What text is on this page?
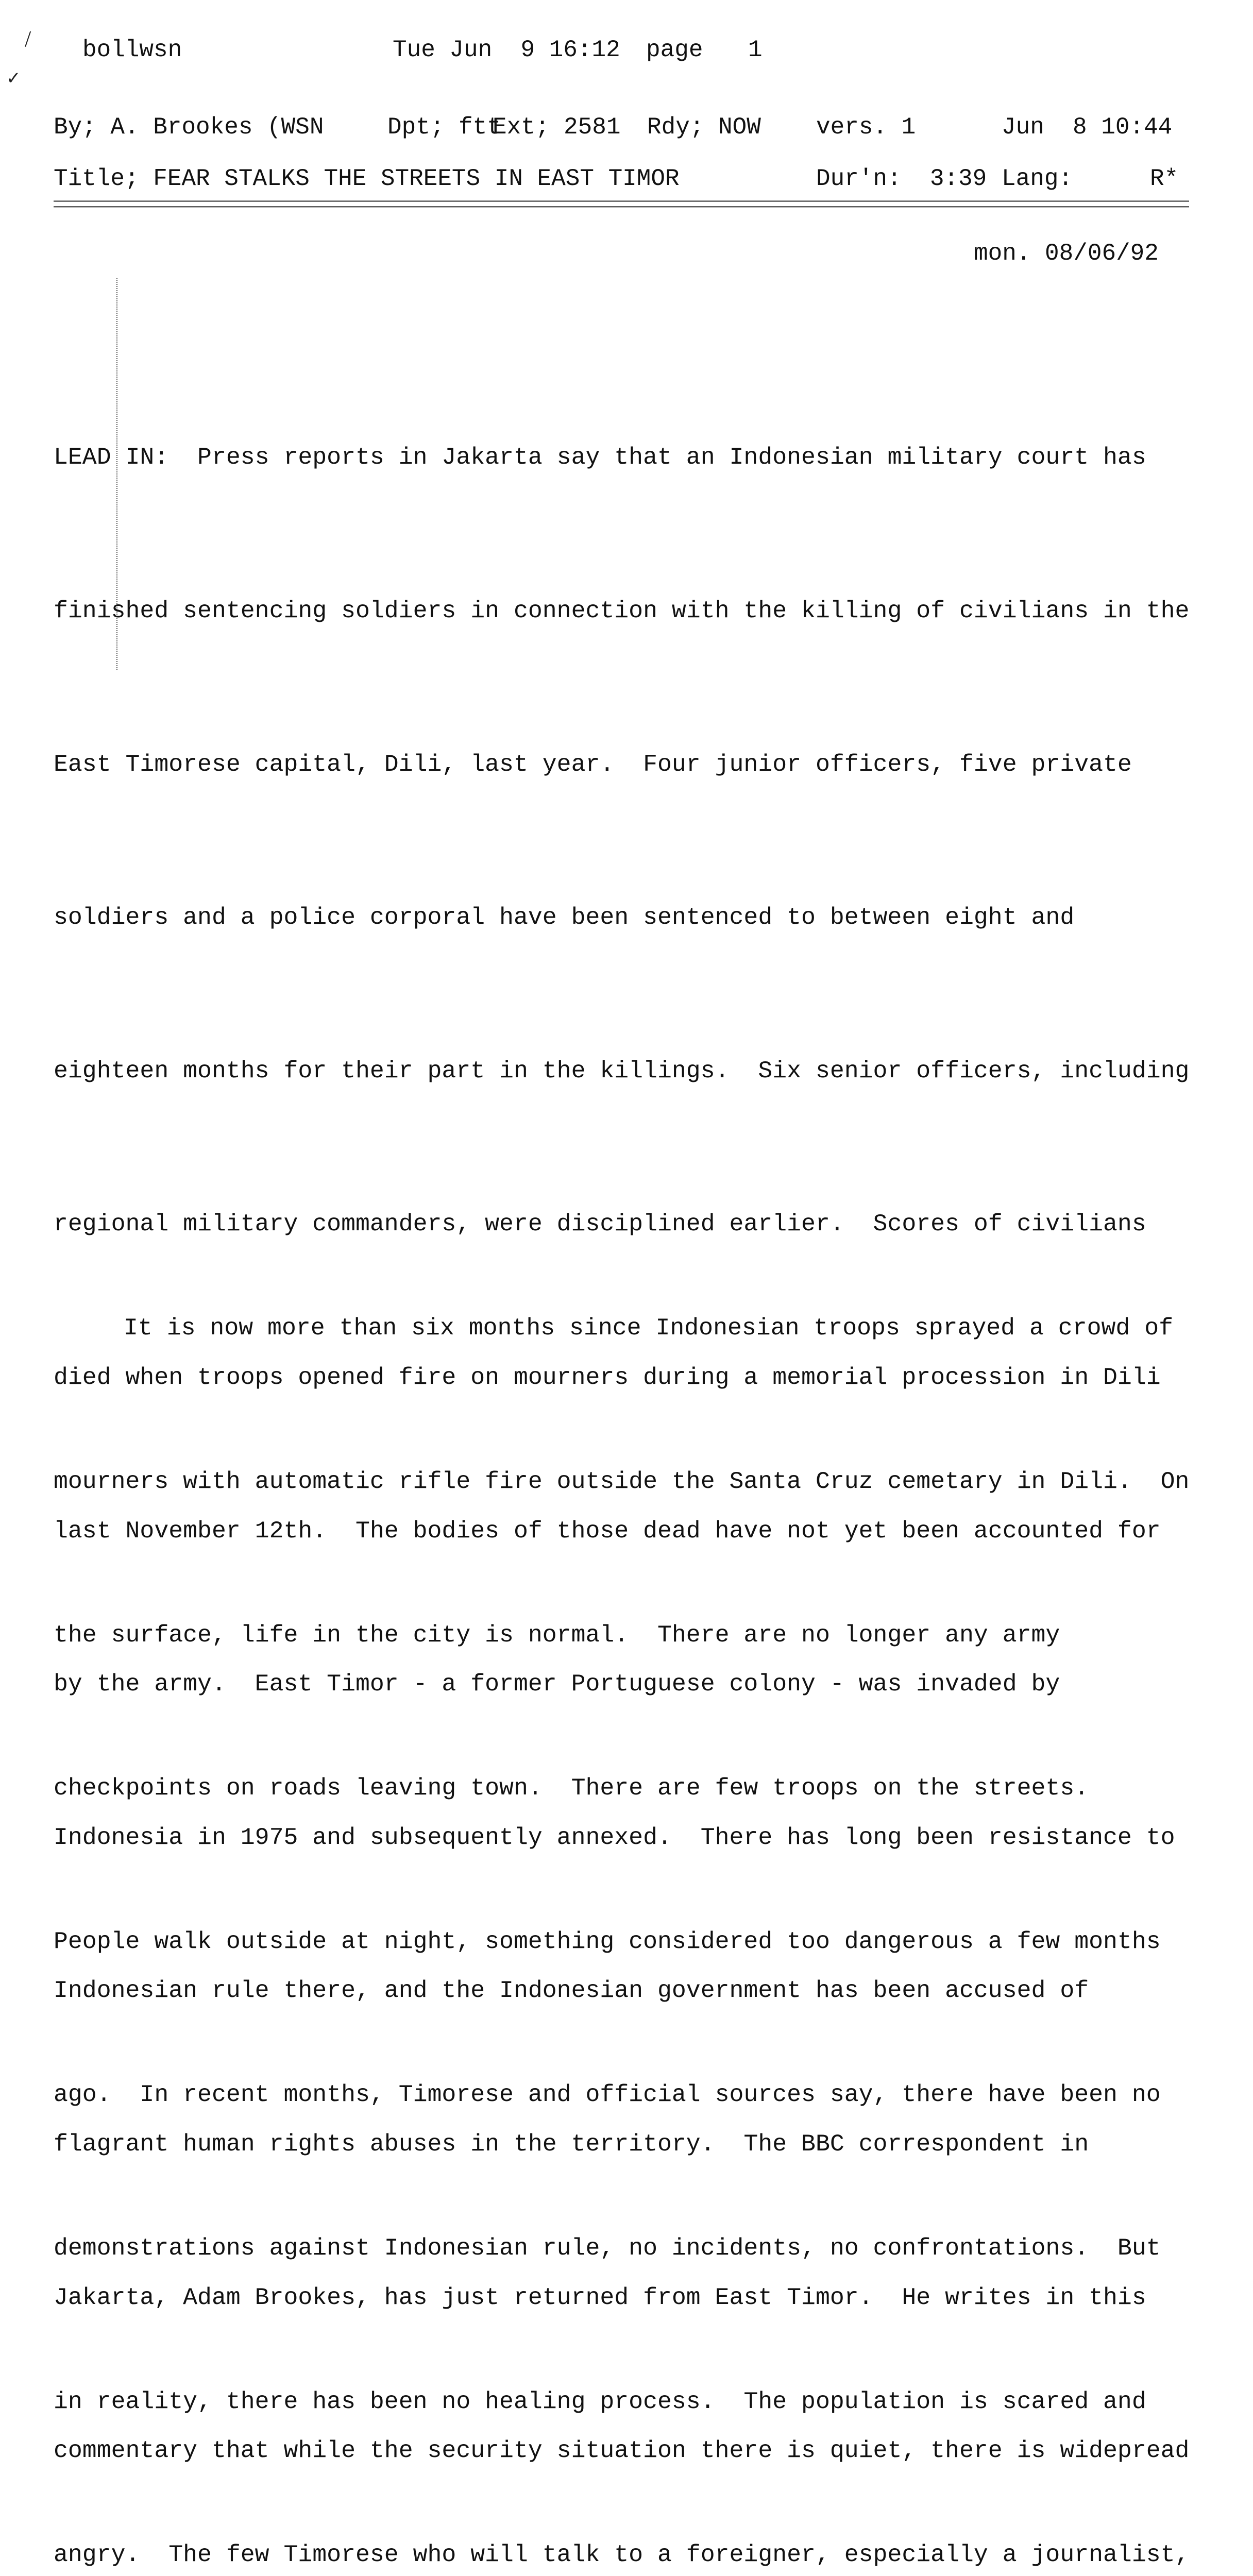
/
✓
bollwsn	Tue Jun  9 16:12 page 1
By; A. Brookes (WSN	Dpt; ftt
Ext; 2581 Rdy; NOW vers. 1	Jun  8 10:44
Title; FEAR STALKS THE STREETS IN EAST TIMOR	Dur'n:  3:39 Lang:	R*
mon. 08/06/92

LEAD IN:  Press reports in Jakarta say that an Indonesian military court has

finished sentencing soldiers in connection with the killing of civilians in the

East Timorese capital, Dili, last year.  Four junior officers, five private

soldiers and a police corporal have been sentenced to between eight and

eighteen months for their part in the killings.  Six senior officers, including

regional military commanders, were disciplined earlier.  Scores of civilians

died when troops opened fire on mourners during a memorial procession in Dili

last November 12th.  The bodies of those dead have not yet been accounted for

by the army.  East Timor - a former Portuguese colony - was invaded by

Indonesia in 1975 and subsequently annexed.  There has long been resistance to

Indonesian rule there, and the Indonesian government has been accused of

flagrant human rights abuses in the territory.  The BBC correspondent in

Jakarta, Adam Brookes, has just returned from East Timor.  He writes in this

commentary that while the security situation there is quiet, there is widepread

It is now more than six months since Indonesian troops sprayed a crowd of

mourners with automatic rifle fire outside the Santa Cruz cemetary in Dili.  On

the surface, life in the city is normal.  There are no longer any army

checkpoints on roads leaving town.  There are few troops on the streets.

People walk outside at night, something considered too dangerous a few months

ago.  In recent months, Timorese and official sources say, there have been no

demonstrations against Indonesian rule, no incidents, no confrontations.  But

in reality, there has been no healing process.  The population is scared and

angry.  The few Timorese who will talk to a foreigner, especially a journalist,
